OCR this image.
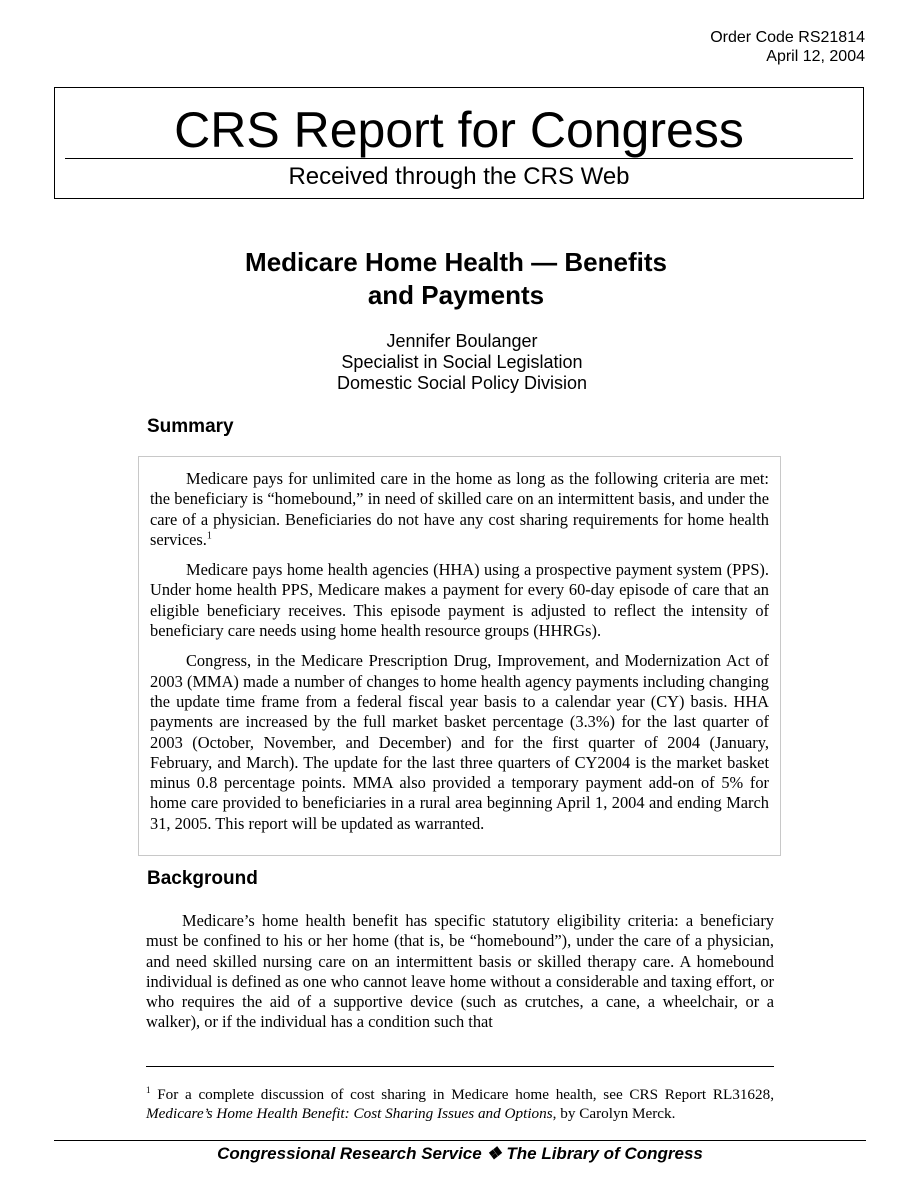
Order Code RS21814
April 12, 2004
CRS Report for Congress
Received through the CRS Web
Medicare Home Health — Benefits
and Payments
Jennifer Boulanger
Specialist in Social Legislation
Domestic Social Policy Division
Summary

Medicare pays for unlimited care in the home as long as the following criteria are met: the beneficiary is “homebound,” in need of skilled care on an intermittent basis, and under the care of a physician. Beneficiaries do not have any cost sharing requirements for home health services.$^1$

Medicare pays home health agencies (HHA) using a prospective payment system (PPS). Under home health PPS, Medicare makes a payment for every 60-day episode of care that an eligible beneficiary receives. This episode payment is adjusted to reflect the intensity of beneficiary care needs using home health resource groups (HHRGs).

Congress, in the Medicare Prescription Drug, Improvement, and Modernization Act of 2003 (MMA) made a number of changes to home health agency payments including changing the update time frame from a federal fiscal year basis to a calendar year (CY) basis. HHA payments are increased by the full market basket percentage (3.3%) for the last quarter of 2003 (October, November, and December) and for the first quarter of 2004 (January, February, and March). The update for the last three quarters of CY2004 is the market basket minus 0.8 percentage points. MMA also provided a temporary payment add-on of 5% for home care provided to beneficiaries in a rural area beginning April 1, 2004 and ending March 31, 2005. This report will be updated as warranted.

Background

Medicare’s home health benefit has specific statutory eligibility criteria: a beneficiary must be confined to his or her home (that is, be “homebound”), under the care of a physician, and need skilled nursing care on an intermittent basis or skilled therapy care. A homebound individual is defined as one who cannot leave home without a considerable and taxing effort, or who requires the aid of a supportive device (such as crutches, a cane, a wheelchair, or a walker), or if the individual has a condition such that

$^1$ For a complete discussion of cost sharing in Medicare home health, see CRS Report RL31628, Medicare’s Home Health Benefit: Cost Sharing Issues and Options, by Carolyn Merck.
Congressional Research Service ❖ The Library of Congress
